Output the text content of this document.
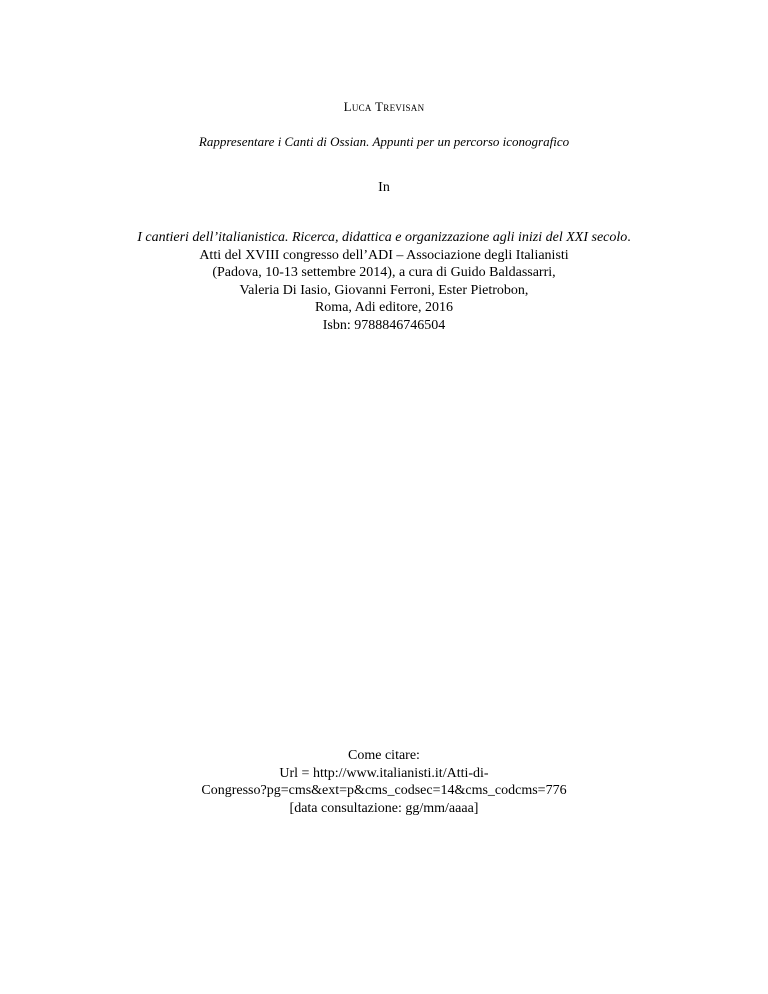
Luca Trevisan
Rappresentare i Canti di Ossian. Appunti per un percorso iconografico
In
I cantieri dell’italianistica. Ricerca, didattica e organizzazione agli inizi del XXI secolo.
Atti del XVIII congresso dell’ADI – Associazione degli Italianisti
(Padova, 10-13 settembre 2014), a cura di Guido Baldassarri,
Valeria Di Iasio, Giovanni Ferroni, Ester Pietrobon,
Roma, Adi editore, 2016
Isbn: 9788846746504
Come citare:
Url = http://www.italianisti.it/Atti-di-
Congresso?pg=cms&ext=p&cms_codsec=14&cms_codcms=776
[data consultazione: gg/mm/aaaa]
